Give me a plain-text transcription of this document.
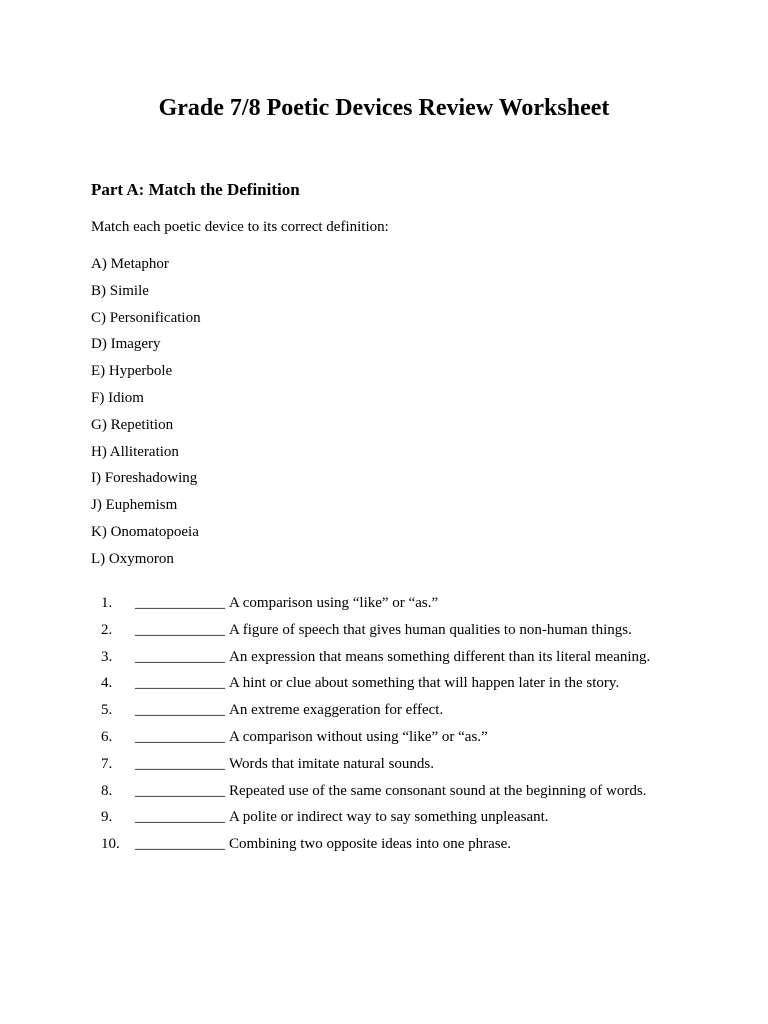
Grade 7/8 Poetic Devices Review Worksheet
Part A: Match the Definition

Match each poetic device to its correct definition:

A) Metaphor
B) Simile
C) Personification
D) Imagery
E) Hyperbole
F) Idiom
G) Repetition
H) Alliteration
I) Foreshadowing
J) Euphemism
K) Onomatopoeia
L) Oxymoron
1.	____________ A comparison using “like” or “as.”
2.	____________ A figure of speech that gives human qualities to non-human things.
3.	____________ An expression that means something different than its literal meaning.
4.	____________ A hint or clue about something that will happen later in the story.
5.	____________ An extreme exaggeration for effect.
6.	____________ A comparison without using “like” or “as.”
7.	____________ Words that imitate natural sounds.
8.	____________ Repeated use of the same consonant sound at the beginning of words.
9.	____________ A polite or indirect way to say something unpleasant.
10.	____________ Combining two opposite ideas into one phrase.
